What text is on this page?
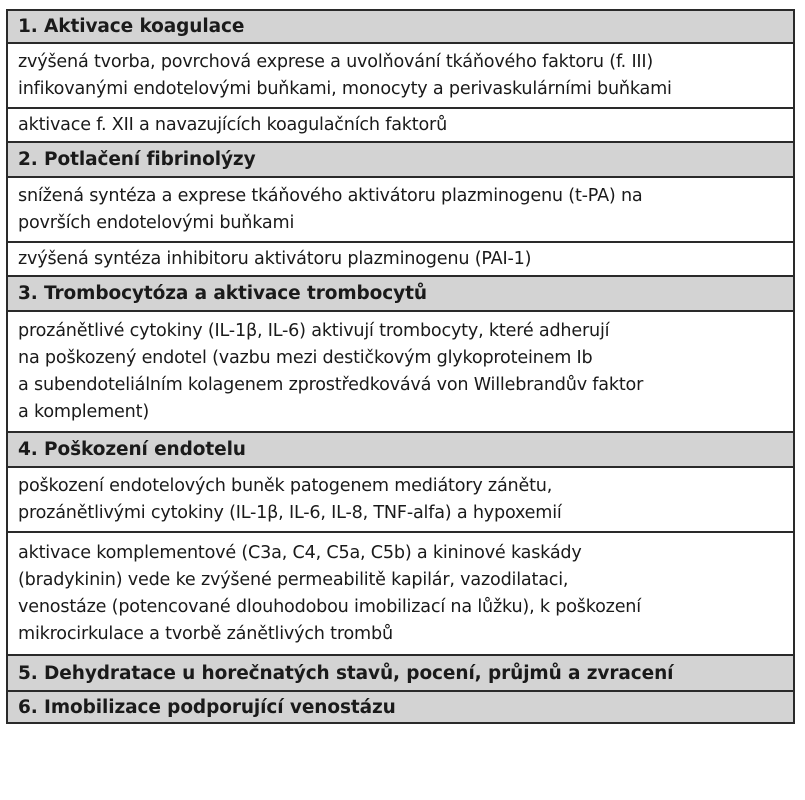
1. Aktivace koagulace

zvýšená tvorba, povrchová exprese a uvolňování tkáňového faktoru (f. III)
infikovanými endotelovými buňkami, monocyty a perivaskulárními buňkami

aktivace f. XII a navazujících koagulačních faktorů

2. Potlačení fibrinolýzy

snížená syntéza a exprese tkáňového aktivátoru plazminogenu (t-PA) na
površích endotelovými buňkami

zvýšená syntéza inhibitoru aktivátoru plazminogenu (PAI-1)

3. Trombocytóza a aktivace trombocytů

prozánětlivé cytokiny (IL-1β, IL-6) aktivují trombocyty, které adherují
na poškozený endotel (vazbu mezi destičkovým glykoproteinem Ib
a subendoteliálním kolagenem zprostředkovává von Willebrandův faktor
a komplement)

4. Poškození endotelu

poškození endotelových buněk patogenem mediátory zánětu,
prozánětlivými cytokiny (IL-1β, IL-6, IL-8, TNF-alfa) a hypoxemií

aktivace komplementové (C3a, C4, C5a, C5b) a kininové kaskády
(bradykinin) vede ke zvýšené permeabilitě kapilár, vazodilataci,
venostáze (potencované dlouhodobou imobilizací na lůžku), k poškození
mikrocirkulace a tvorbě zánětlivých trombů

5. Dehydratace u horečnatých stavů, pocení, průjmů a zvracení
6. Imobilizace podporující venostázu
